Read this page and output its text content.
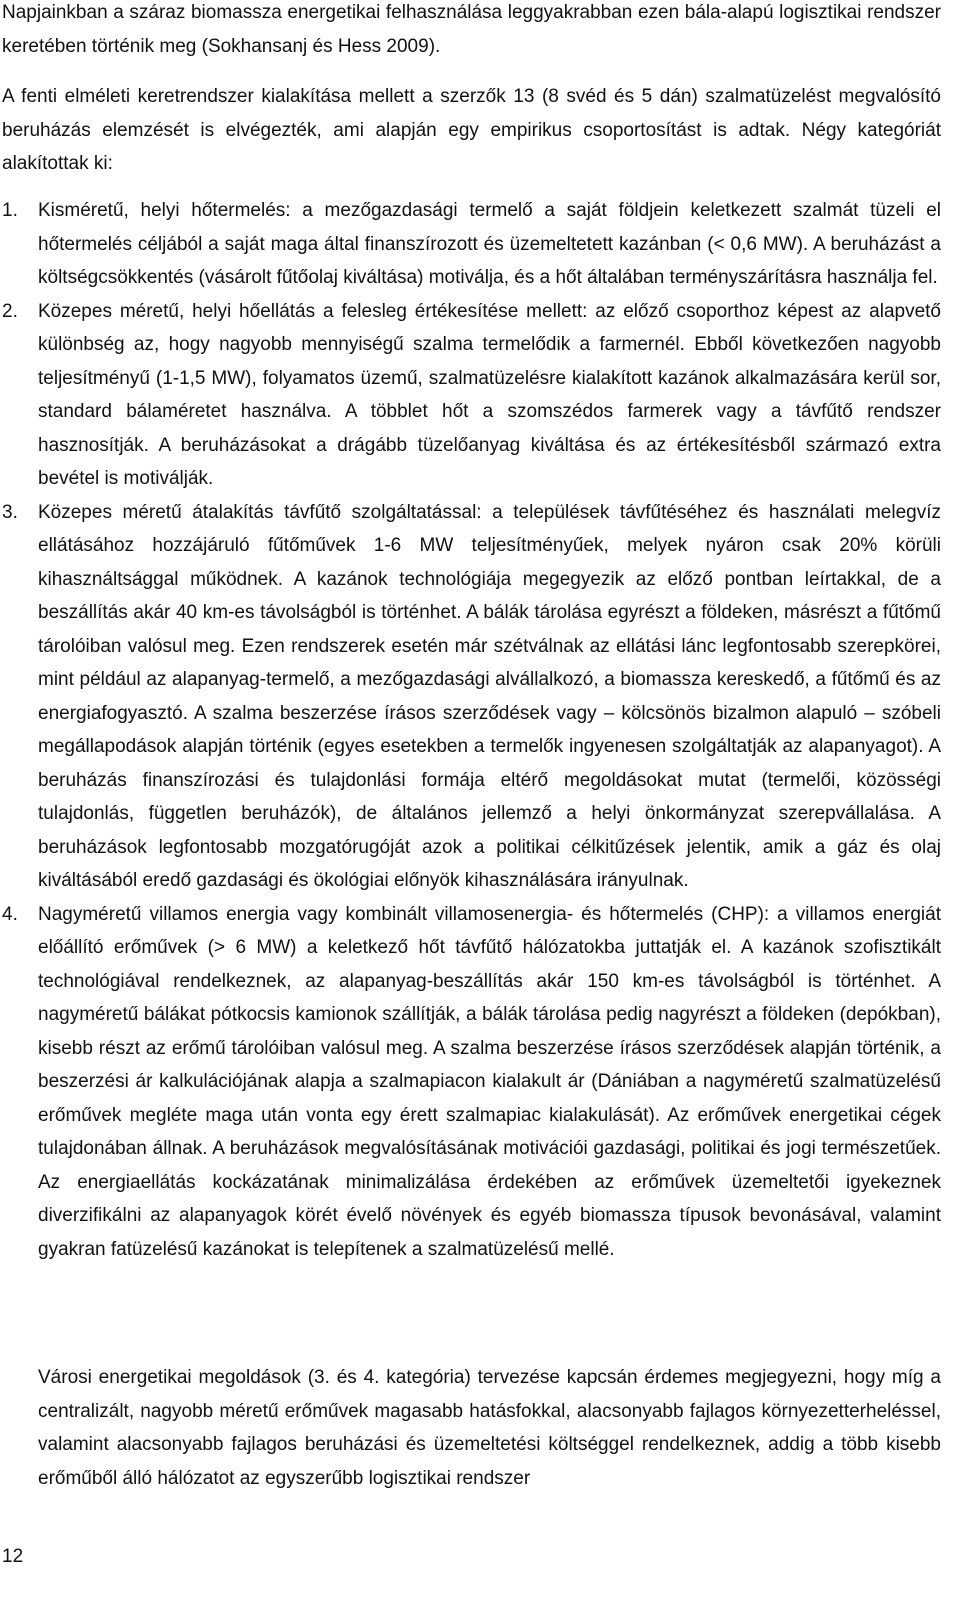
Napjainkban a száraz biomassza energetikai felhasználása leggyakrabban ezen bála-alapú logisztikai rendszer keretében történik meg (Sokhansanj és Hess 2009).

A fenti elméleti keretrendszer kialakítása mellett a szerzők 13 (8 svéd és 5 dán) szalmatüzelést megvalósító beruházás elemzését is elvégezték, ami alapján egy empirikus csoportosítást is adtak. Négy kategóriát alakítottak ki:

1. Kisméretű, helyi hőtermelés: a mezőgazdasági termelő a saját földjein keletkezett szalmát tüzeli el hőtermelés céljából a saját maga által finanszírozott és üzemeltetett kazánban (< 0,6 MW). A beruházást a költségcsökkentés (vásárolt fűtőolaj kiváltása) motiválja, és a hőt általában terményszárításra használja fel.
2. Közepes méretű, helyi hőellátás a felesleg értékesítése mellett: az előző csoporthoz képest az alapvető különbség az, hogy nagyobb mennyiségű szalma termelődik a farmernél. Ebből következően nagyobb teljesítményű (1-1,5 MW), folyamatos üzemű, szalmatüzelésre kialakított kazánok alkalmazására kerül sor, standard bálaméretet használva. A többlet hőt a szomszédos farmerek vagy a távfűtő rendszer hasznosítják. A beruházásokat a drágább tüzelőanyag kiváltása és az értékesítésből származó extra bevétel is motiválják.
3. Közepes méretű átalakítás távfűtő szolgáltatással: a települések távfűtéséhez és használati melegvíz ellátásához hozzájáruló fűtőművek 1-6 MW teljesítményűek, melyek nyáron csak 20% körüli kihasználtsággal működnek. A kazánok technológiája megegyezik az előző pontban leírtakkal, de a beszállítás akár 40 km-es távolságból is történhet. A bálák tárolása egyrészt a földeken, másrészt a fűtőmű tárolóiban valósul meg. Ezen rendszerek esetén már szétválnak az ellátási lánc legfontosabb szerepkörei, mint például az alapanyag-termelő, a mezőgazdasági alvállalkozó, a biomassza kereskedő, a fűtőmű és az energiafogyasztó. A szalma beszerzése írásos szerződések vagy – kölcsönös bizalmon alapuló – szóbeli megállapodások alapján történik (egyes esetekben a termelők ingyenesen szolgáltatják az alapanyagot). A beruházás finanszírozási és tulajdonlási formája eltérő megoldásokat mutat (termelői, közösségi tulajdonlás, független beruházók), de általános jellemző a helyi önkormányzat szerepvállalása. A beruházások legfontosabb mozgatórugóját azok a politikai célkitűzések jelentik, amik a gáz és olaj kiváltásából eredő gazdasági és ökológiai előnyök kihasználására irányulnak.
4. Nagyméretű villamos energia vagy kombinált villamosenergia- és hőtermelés (CHP): a villamos energiát előállító erőművek (> 6 MW) a keletkező hőt távfűtő hálózatokba juttatják el. A kazánok szofisztikált technológiával rendelkeznek, az alapanyag-beszállítás akár 150 km-es távolságból is történhet. A nagyméretű bálákat pótkocsis kamionok szállítják, a bálák tárolása pedig nagyrészt a földeken (depókban), kisebb részt az erőmű tárolóiban valósul meg. A szalma beszerzése írásos szerződések alapján történik, a beszerzési ár kalkulációjának alapja a szalmapiacon kialakult ár (Dániában a nagyméretű szalmatüzelésű erőművek megléte maga után vonta egy érett szalmapiac kialakulását). Az erőművek energetikai cégek tulajdonában állnak. A beruházások megvalósításának motivációi gazdasági, politikai és jogi természetűek. Az energiaellátás kockázatának minimalizálása érdekében az erőművek üzemeltetői igyekeznek diverzifikálni az alapanyagok körét évelő növények és egyéb biomassza típusok bevonásával, valamint gyakran fatüzelésű kazánokat is telepítenek a szalmatüzelésű mellé.

Városi energetikai megoldások (3. és 4. kategória) tervezése kapcsán érdemes megjegyezni, hogy míg a centralizált, nagyobb méretű erőművek magasabb hatásfokkal, alacsonyabb fajlagos környezetterheléssel, valamint alacsonyabb fajlagos beruházási és üzemeltetési költséggel rendelkeznek, addig a több kisebb erőműből álló hálózatot az egyszerűbb logisztikai rendszer

12
